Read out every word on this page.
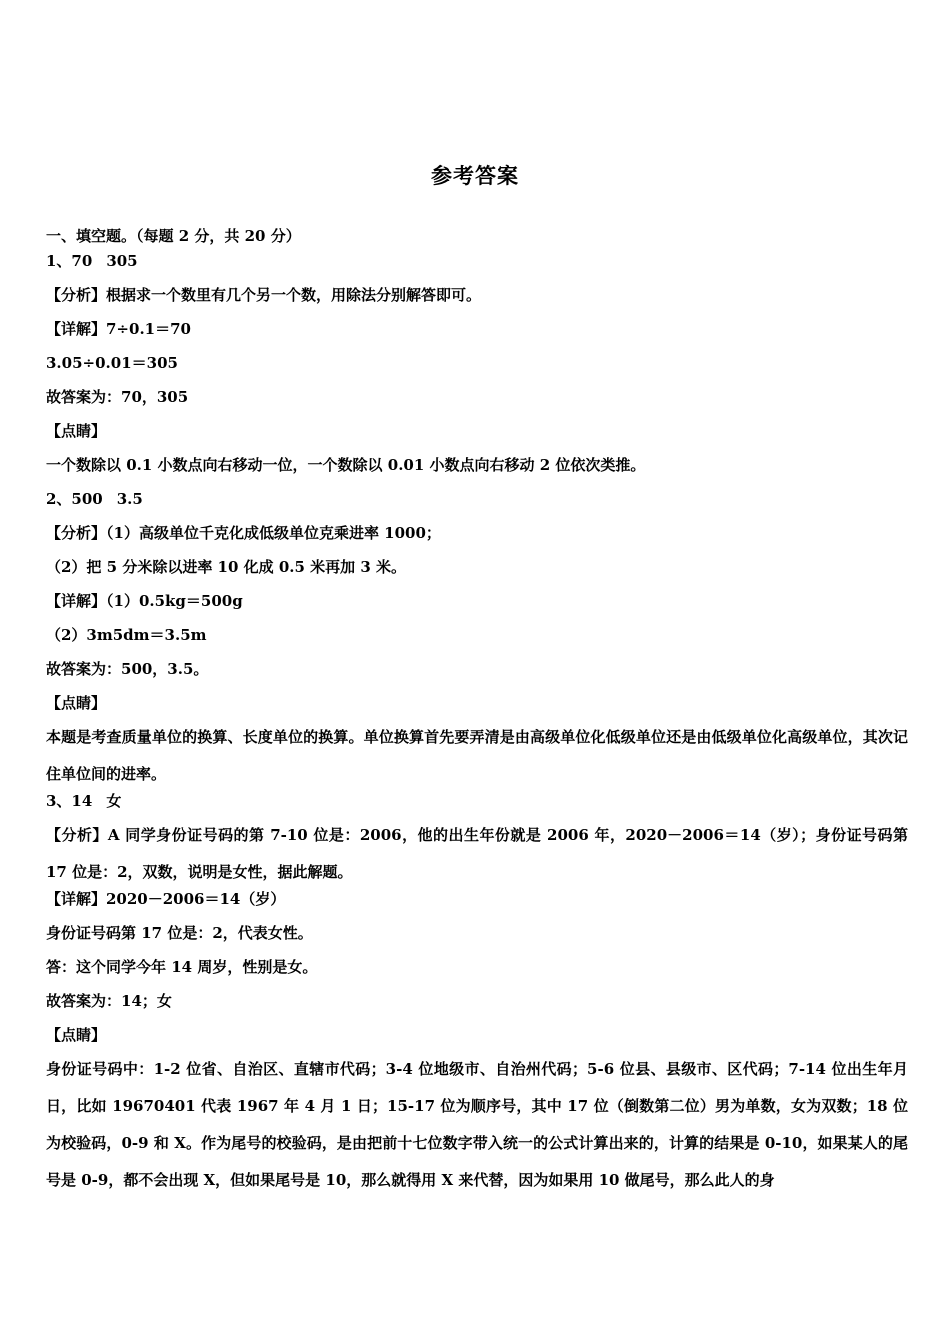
参考答案
一、填空题。（每题 2 分，共 20 分）
1、70 305
【分析】根据求一个数里有几个另一个数，用除法分别解答即可。
【详解】7÷0.1＝70
3.05÷0.01＝305
故答案为：70，305
【点睛】
一个数除以 0.1 小数点向右移动一位，一个数除以 0.01 小数点向右移动 2 位依次类推。
2、500 3.5
【分析】（1）高级单位千克化成低级单位克乘进率 1000；
（2）把 5 分米除以进率 10 化成 0.5 米再加 3 米。
【详解】（1）0.5kg＝500g
（2）3m5dm＝3.5m
故答案为：500，3.5。
【点睛】
本题是考查质量单位的换算、长度单位的换算。单位换算首先要弄清是由高级单位化低级单位还是由低级单位化高级单位，其次记住单位间的进率。
3、14 女
【分析】A 同学身份证号码的第 7-10 位是：2006，他的出生年份就是 2006 年，2020－2006＝14（岁）；身份证号码第 17 位是：2，双数，说明是女性，据此解题。
【详解】2020－2006＝14（岁）
身份证号码第 17 位是：2，代表女性。
答：这个同学今年 14 周岁，性别是女。
故答案为：14；女
【点睛】
身份证号码中：1-2 位省、自治区、直辖市代码；3-4 位地级市、自治州代码；5-6 位县、县级市、区代码；7-14 位出生年月日，比如 19670401 代表 1967 年 4 月 1 日；15-17 位为顺序号，其中 17 位（倒数第二位）男为单数，女为双数；18 位为校验码，0-9 和 X。作为尾号的校验码，是由把前十七位数字带入统一的公式计算出来的，计算的结果是 0-10，如果某人的尾号是 0-9，都不会出现 X，但如果尾号是 10，那么就得用 X 来代替，因为如果用 10 做尾号，那么此人的身
